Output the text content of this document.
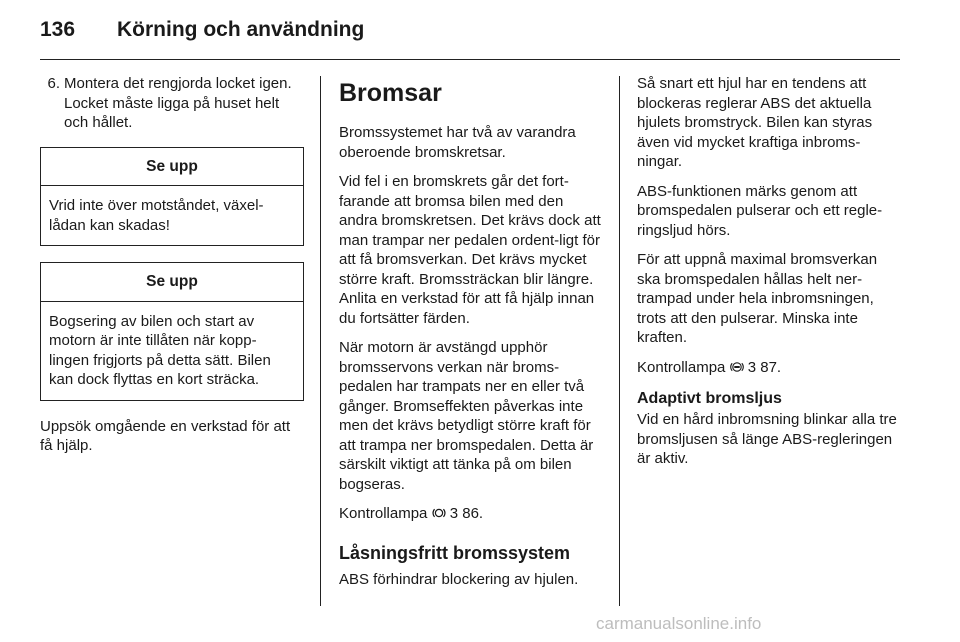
136 Körning och användning
6. Montera det rengjorda locket igen. Locket måste ligga på huset helt och hållet.
Se upp
Vrid inte över motståndet, växel-lådan kan skadas!
Se upp
Bogsering av bilen och start av motorn är inte tillåten när kopp-lingen frigjorts på detta sätt. Bilen kan dock flyttas en kort sträcka.

Uppsök omgående en verkstad för att få hjälp.

Bromsar

Bromssystemet har två av varandra oberoende bromskretsar.

Vid fel i en bromskrets går det fort-farande att bromsa bilen med den andra bromskretsen. Det krävs dock att man trampar ner pedalen ordent-ligt för att få bromsverkan. Det krävs mycket större kraft. Bromssträckan blir längre. Anlita en verkstad för att få hjälp innan du fortsätter färden.

När motorn är avstängd upphör bromsservons verkan när broms-pedalen har trampats ner en eller två gånger. Bromseffekten påverkas inte men det krävs betydligt större kraft för att trampa ner bromspedalen. Detta är särskilt viktigt att tänka på om bilen bogseras.

Kontrollampa 3 86.

Låsningsfritt bromssystem

ABS förhindrar blockering av hjulen.

Så snart ett hjul har en tendens att blockeras reglerar ABS det aktuella hjulets bromstryck. Bilen kan styras även vid mycket kraftiga inbroms-ningar.

ABS-funktionen märks genom att bromspedalen pulserar och ett regle-ringsljud hörs.

För att uppnå maximal bromsverkan ska bromspedalen hållas helt ner-trampad under hela inbromsningen, trots att den pulserar. Minska inte kraften.

Kontrollampa 3 87.

Adaptivt bromsljus

Vid en hård inbromsning blinkar alla tre bromsljusen så länge ABS-regleringen är aktiv.

carmanualsonline.info
